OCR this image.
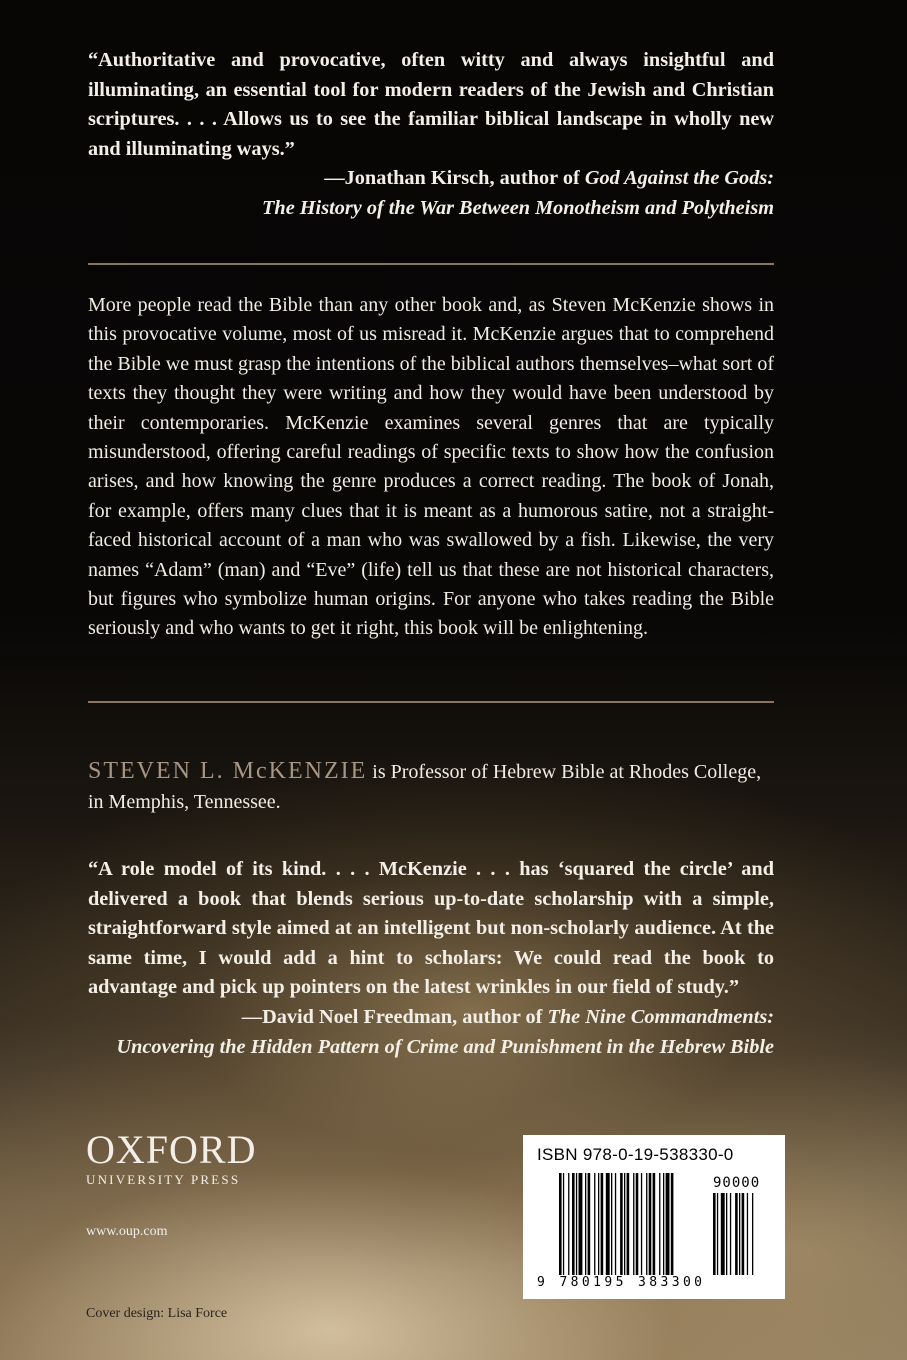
“Authoritative and provocative, often witty and always insightful and illuminating, an essential tool for modern readers of the Jewish and Christian scriptures. . . . Allows us to see the familiar biblical landscape in wholly new and illuminating ways.”
—Jonathan Kirsch, author of God Against the Gods:
The History of the War Between Monotheism and Polytheism

More people read the Bible than any other book and, as Steven McKenzie shows in this provocative volume, most of us misread it. McKenzie argues that to comprehend the Bible we must grasp the intentions of the biblical authors themselves–what sort of texts they thought they were writing and how they would have been understood by their contemporaries. McKenzie examines several genres that are typically misunderstood, offering careful readings of specific texts to show how the confusion arises, and how knowing the genre produces a correct reading. The book of Jonah, for example, offers many clues that it is meant as a humorous satire, not a straight-faced historical account of a man who was swallowed by a fish. Likewise, the very names “Adam” (man) and “Eve” (life) tell us that these are not historical characters, but figures who symbolize human origins. For anyone who takes reading the Bible seriously and who wants to get it right, this book will be enlightening.

STEVEN L. McKENZIE is Professor of Hebrew Bible at Rhodes College, in Memphis, Tennessee.

“A role model of its kind. . . . McKenzie . . . has ‘squared the circle’ and delivered a book that blends serious up-to-date scholarship with a simple, straightforward style aimed at an intelligent but non-scholarly audience. At the same time, I would add a hint to scholars: We could read the book to advantage and pick up pointers on the latest wrinkles in our field of study.”
—David Noel Freedman, author of The Nine Commandments:
Uncovering the Hidden Pattern of Crime and Punishment in the Hebrew Bible
OXFORD
UNIVERSITY PRESS
www.oup.com
Cover design: Lisa Force
ISBN 978-0-19-538330-0
90000
9 780195 383300
